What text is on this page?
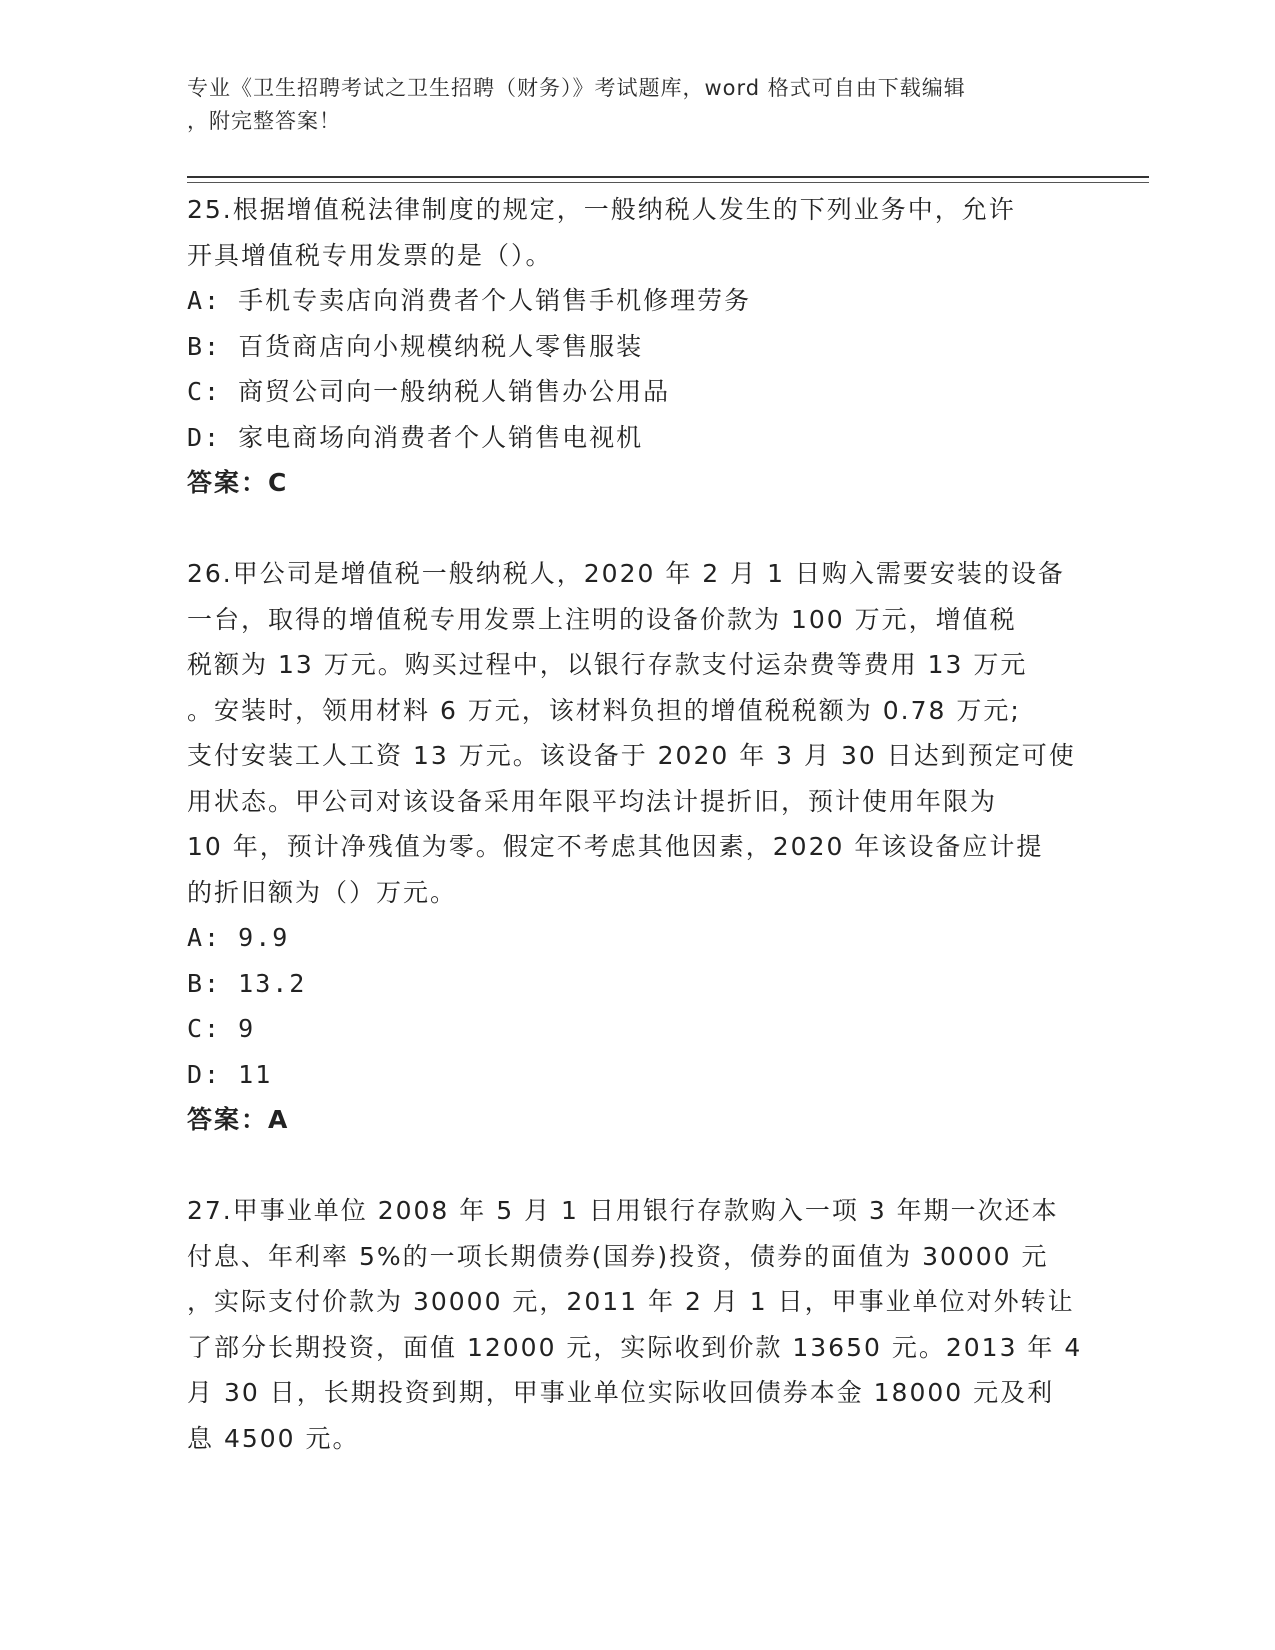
专业《卫生招聘考试之卫生招聘（财务）》考试题库，word 格式可自由下载编辑
，附完整答案！
25.根据增值税法律制度的规定，一般纳税人发生的下列业务中，允许
开具增值税专用发票的是（）。
A: 手机专卖店向消费者个人销售手机修理劳务
B: 百货商店向小规模纳税人零售服装
C: 商贸公司向一般纳税人销售办公用品
D: 家电商场向消费者个人销售电视机
答案：C
26.甲公司是增值税一般纳税人，2020 年 2 月 1 日购入需要安装的设备
一台，取得的增值税专用发票上注明的设备价款为 100 万元，增值税
税额为 13 万元。购买过程中，以银行存款支付运杂费等费用 13 万元
。安装时，领用材料 6 万元，该材料负担的增值税税额为 0.78 万元;
支付安装工人工资 13 万元。该设备于 2020 年 3 月 30 日达到预定可使
用状态。甲公司对该设备采用年限平均法计提折旧，预计使用年限为
10 年，预计净残值为零。假定不考虑其他因素，2020 年该设备应计提
的折旧额为（）万元。
A: 9.9
B: 13.2
C: 9
D: 11
答案：A
27.甲事业单位 2008 年 5 月 1 日用银行存款购入一项 3 年期一次还本
付息、年利率 5%的一项长期债券(国券)投资，债券的面值为 30000 元
，实际支付价款为 30000 元，2011 年 2 月 1 日，甲事业单位对外转让
了部分长期投资，面值 12000 元，实际收到价款 13650 元。2013 年 4
月 30 日，长期投资到期，甲事业单位实际收回债券本金 18000 元及利
息 4500 元。
